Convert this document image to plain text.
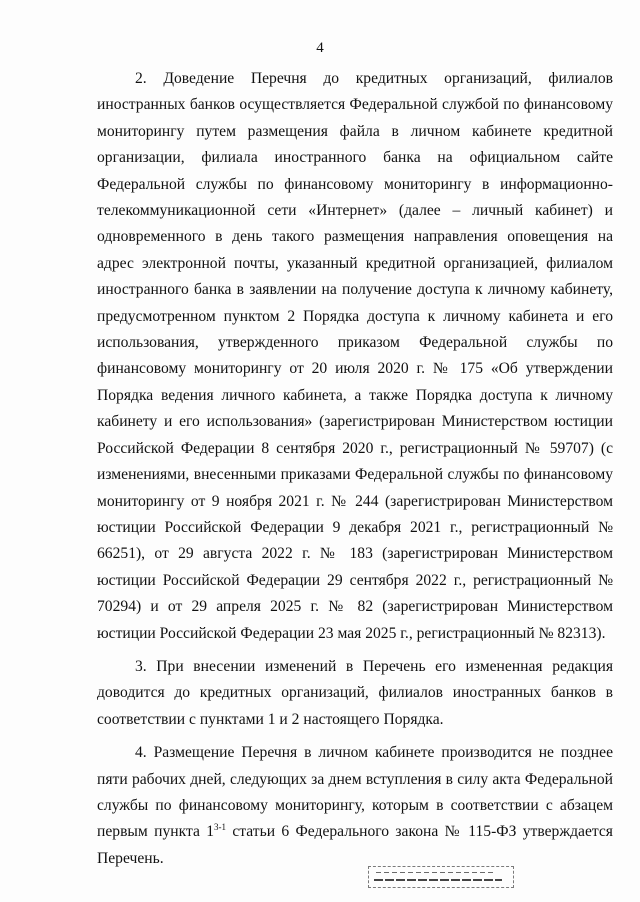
4

2. Доведение Перечня до кредитных организаций, филиалов иностранных банков осуществляется Федеральной службой по финансовому мониторингу путем размещения файла в личном кабинете кредитной организации, филиала иностранного банка на официальном сайте Федеральной службы по финансовому мониторингу в информационно-телекоммуникационной сети «Интернет» (далее – личный кабинет) и одновременного в день такого размещения направления оповещения на адрес электронной почты, указанный кредитной организацией, филиалом иностранного банка в заявлении на получение доступа к личному кабинету, предусмотренном пунктом 2 Порядка доступа к личному кабинета и его использования, утвержденного приказом Федеральной службы по финансовому мониторингу от 20 июля 2020 г. № 175 «Об утверждении Порядка ведения личного кабинета, а также Порядка доступа к личному кабинету и его использования» (зарегистрирован Министерством юстиции Российской Федерации 8 сентября 2020 г., регистрационный № 59707) (с изменениями, внесенными приказами Федеральной службы по финансовому мониторингу от 9 ноября 2021 г. № 244 (зарегистрирован Министерством юстиции Российской Федерации 9 декабря 2021 г., регистрационный № 66251), от 29 августа 2022 г. № 183 (зарегистрирован Министерством юстиции Российской Федерации 29 сентября 2022 г., регистрационный № 70294) и от 29 апреля 2025 г. № 82 (зарегистрирован Министерством юстиции Российской Федерации 23 мая 2025 г., регистрационный № 82313).

3. При внесении изменений в Перечень его измененная редакция доводится до кредитных организаций, филиалов иностранных банков в соответствии с пунктами 1 и 2 настоящего Порядка.

4. Размещение Перечня в личном кабинете производится не позднее пяти рабочих дней, следующих за днем вступления в силу акта Федеральной службы по финансовому мониторингу, которым в соответствии с абзацем первым пункта 1$^{3-1}$ статьи 6 Федерального закона № 115-ФЗ утверждается Перечень.
